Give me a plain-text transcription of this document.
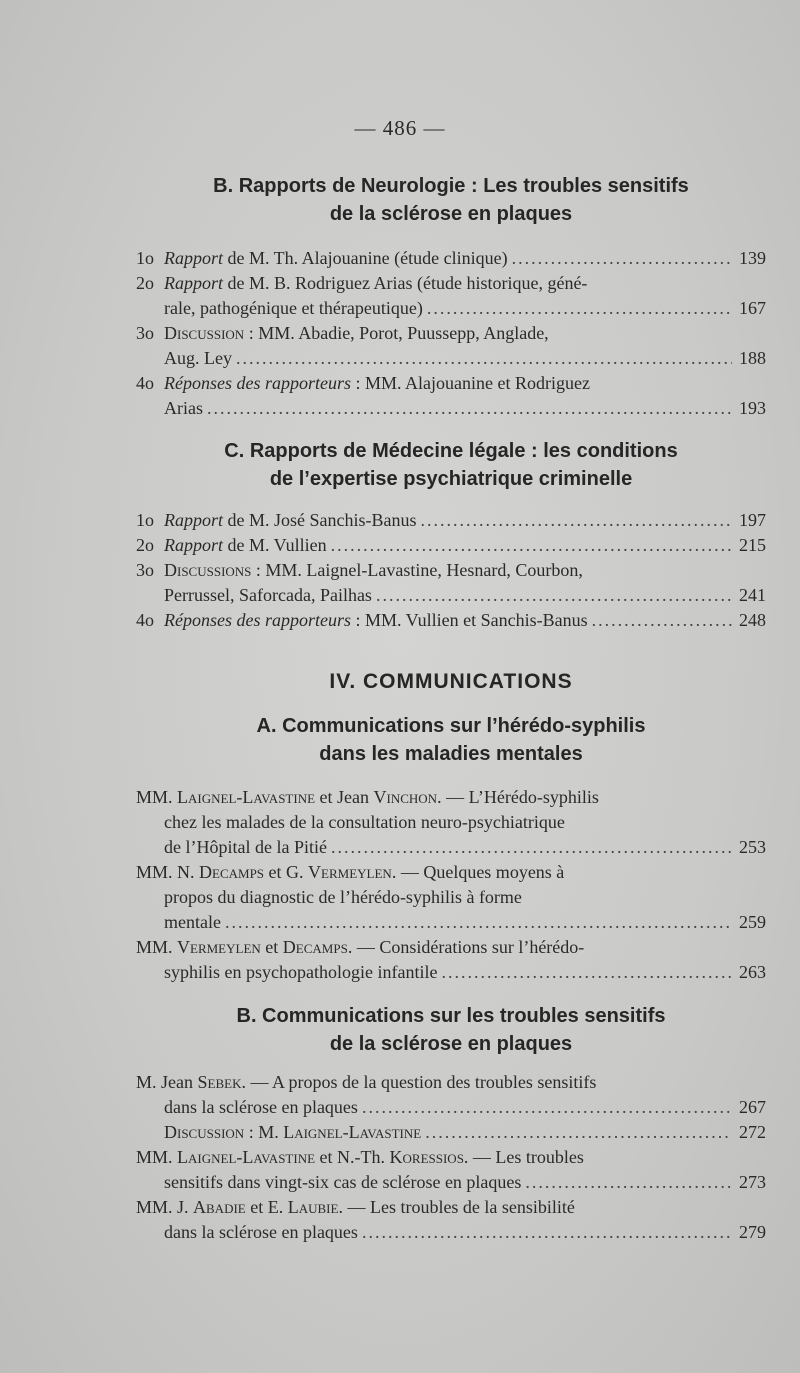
— 486 —
B. Rapports de Neurologie : Les troubles sensitifs
de la sclérose en plaques
1o Rapport de M. Th. Alajouanine (étude clinique) .....	139
2o Rapport de M. B. Rodriguez Arias (étude historique, géné-
rale, pathogénique et thérapeutique) .....	167
3o Discussion : MM. Abadie, Porot, Puussepp, Anglade,
Aug. Ley .....	188
4o Réponses des rapporteurs : MM. Alajouanine et Rodriguez
Arias .....	193
C. Rapports de Médecine légale : les conditions
de l’expertise psychiatrique criminelle
1o Rapport de M. José Sanchis-Banus .....	197
2o Rapport de M. Vullien .....	215
3o Discussions : MM. Laignel-Lavastine, Hesnard, Courbon,
Perrussel, Saforcada, Pailhas .....	241
4o Réponses des rapporteurs : MM. Vullien et Sanchis-Banus .....	248
IV. COMMUNICATIONS
A. Communications sur l’hérédo-syphilis
dans les maladies mentales
MM. Laignel-Lavastine et Jean Vinchon. — L’Hérédo-syphilis
chez les malades de la consultation neuro-psychiatrique
de l’Hôpital de la Pitié .....	253
MM. N. Decamps et G. Vermeylen. — Quelques moyens à
propos du diagnostic de l’hérédo-syphilis à forme
mentale .....	259
MM. Vermeylen et Decamps. — Considérations sur l’hérédo-
syphilis en psychopathologie infantile .....	263
B. Communications sur les troubles sensitifs
de la sclérose en plaques
M. Jean Sebek. — A propos de la question des troubles sensitifs
dans la sclérose en plaques .....	267
Discussion : M. Laignel-Lavastine .....	272
MM. Laignel-Lavastine et N.-Th. Koressios. — Les troubles
sensitifs dans vingt-six cas de sclérose en plaques .....	273
MM. J. Abadie et E. Laubie. — Les troubles de la sensibilité
dans la sclérose en plaques .....	279
